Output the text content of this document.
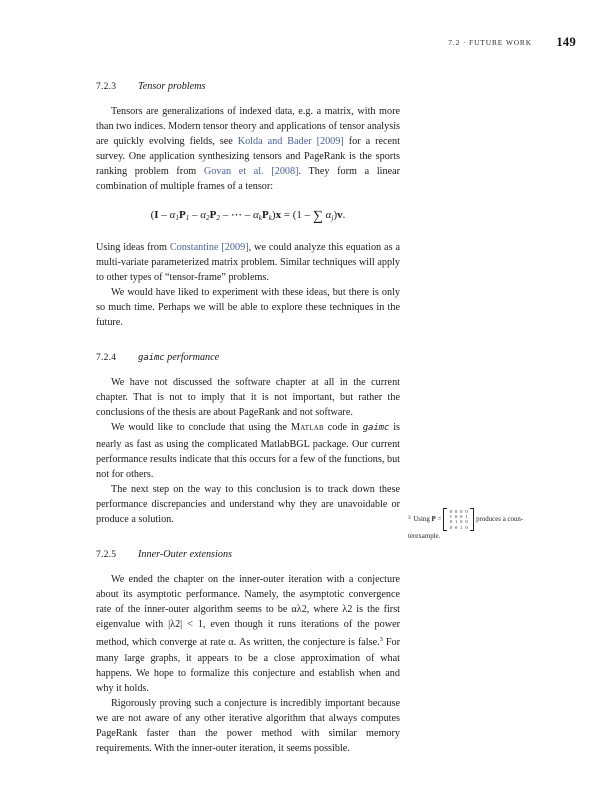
7.2 · FUTURE WORK 149
7.2.3	Tensor problems

Tensors are generalizations of indexed data, e.g. a matrix, with more than two indices. Modern tensor theory and applications of tensor analysis are quickly evolving fields, see Kolda and Bader [2009] for a recent survey. One application synthesizing tensors and PageRank is the sports ranking problem from Govan et al. [2008]. They form a linear combination of multiple frames of a tensor:

($I - \alpha_1P_1 - \alpha_2P_2$ – ⋯ – $\alpha_kP_k)x = (1$ – ∑ $\alpha_j)v$.

Using ideas from Constantine [2009], we could analyze this equation as a multi-variate parameterized matrix problem. Similar techniques will apply to other types of “tensor-frame” problems.

We would have liked to experiment with these ideas, but there is only so much time. Perhaps we will be able to explore these techniques in the future.

7.2.4	gaimc performance

We have not discussed the software chapter at all in the current chapter. That is not to imply that it is not important, but rather the conclusions of the thesis are about PageRank and not software.

We would like to conclude that using the Matlab code in gaimc is nearly as fast as using the complicated MatlabBGL package. Our current performance results indicate that this occurs for a few of the functions, but not for others.

The next step on the way to this conclusion is to track down these performance discrepancies and understand why they are unavoidable or produce a solution.

7.2.5	Inner-Outer extensions

We ended the chapter on the inner-outer iteration with a conjecture about its asymptotic performance. Namely, the asymptotic convergence rate of the inner-outer algorithm seems to be αλ2, where λ2 is the first eigenvalue with |λ2| < 1, even though it runs iterations of the power method, which converge at rate α. As written, the conjecture is false.$^3$ For many large graphs, it appears to be a close approximation of what happens. We hope to formalize this conjecture and establish when and why it holds.

Rigorously proving such a conjecture is incredibly important because we are not aware of any other iterative algorithm that always computes PageRank faster than the power method with similar memory requirements. With the inner-outer iteration, it seems possible.

$^3$ Using P =
0 0 0 0
1 0 0 1
0 1 0 0
0 0 1 0
produces a coun-
terexample.
